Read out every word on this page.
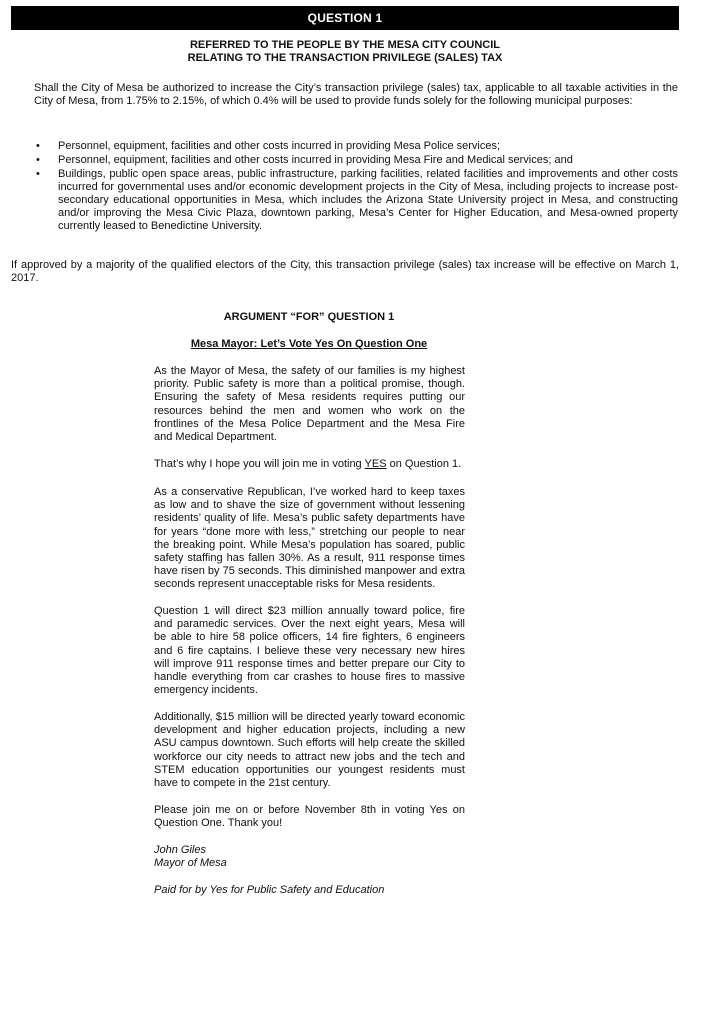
QUESTION 1
REFERRED TO THE PEOPLE BY THE MESA CITY COUNCIL
RELATING TO THE TRANSACTION PRIVILEGE (SALES) TAX

Shall the City of Mesa be authorized to increase the City’s transaction privilege (sales) tax, applicable to all taxable activities in the City of Mesa, from 1.75% to 2.15%, of which 0.4% will be used to provide funds solely for the following municipal purposes:

• Personnel, equipment, facilities and other costs incurred in providing Mesa Police services;
• Personnel, equipment, facilities and other costs incurred in providing Mesa Fire and Medical services; and
• Buildings, public open space areas, public infrastructure, parking facilities, related facilities and improvements and other costs incurred for governmental uses and/or economic development projects in the City of Mesa, including projects to increase post-secondary educational opportunities in Mesa, which includes the Arizona State University project in Mesa, and constructing and/or improving the Mesa Civic Plaza, downtown parking, Mesa’s Center for Higher Education, and Mesa-owned property currently leased to Benedictine University.

If approved by a majority of the qualified electors of the City, this transaction privilege (sales) tax increase will be effective on March 1, 2017.

ARGUMENT “FOR” QUESTION 1
Mesa Mayor: Let’s Vote Yes On Question One

As the Mayor of Mesa, the safety of our families is my highest priority. Public safety is more than a political promise, though. Ensuring the safety of Mesa residents requires putting our resources behind the men and women who work on the frontlines of the Mesa Police Department and the Mesa Fire and Medical Department.

That’s why I hope you will join me in voting YES on Question 1.

As a conservative Republican, I’ve worked hard to keep taxes as low and to shave the size of government without lessening residents’ quality of life. Mesa’s public safety departments have for years “done more with less,” stretching our people to near the breaking point. While Mesa’s population has soared, public safety staffing has fallen 30%. As a result, 911 response times have risen by 75 seconds. This diminished manpower and extra seconds represent unacceptable risks for Mesa residents.

Question 1 will direct $23 million annually toward police, fire and paramedic services. Over the next eight years, Mesa will be able to hire 58 police officers, 14 fire fighters, 6 engineers and 6 fire captains. I believe these very necessary new hires will improve 911 response times and better prepare our City to handle everything from car crashes to house fires to massive emergency incidents.

Additionally, $15 million will be directed yearly toward economic development and higher education projects, including a new ASU campus downtown. Such efforts will help create the skilled workforce our city needs to attract new jobs and the tech and STEM education opportunities our youngest residents must have to compete in the 21st century.

Please join me on or before November 8th in voting Yes on Question One. Thank you!

John Giles
Mayor of Mesa

Paid for by Yes for Public Safety and Education
